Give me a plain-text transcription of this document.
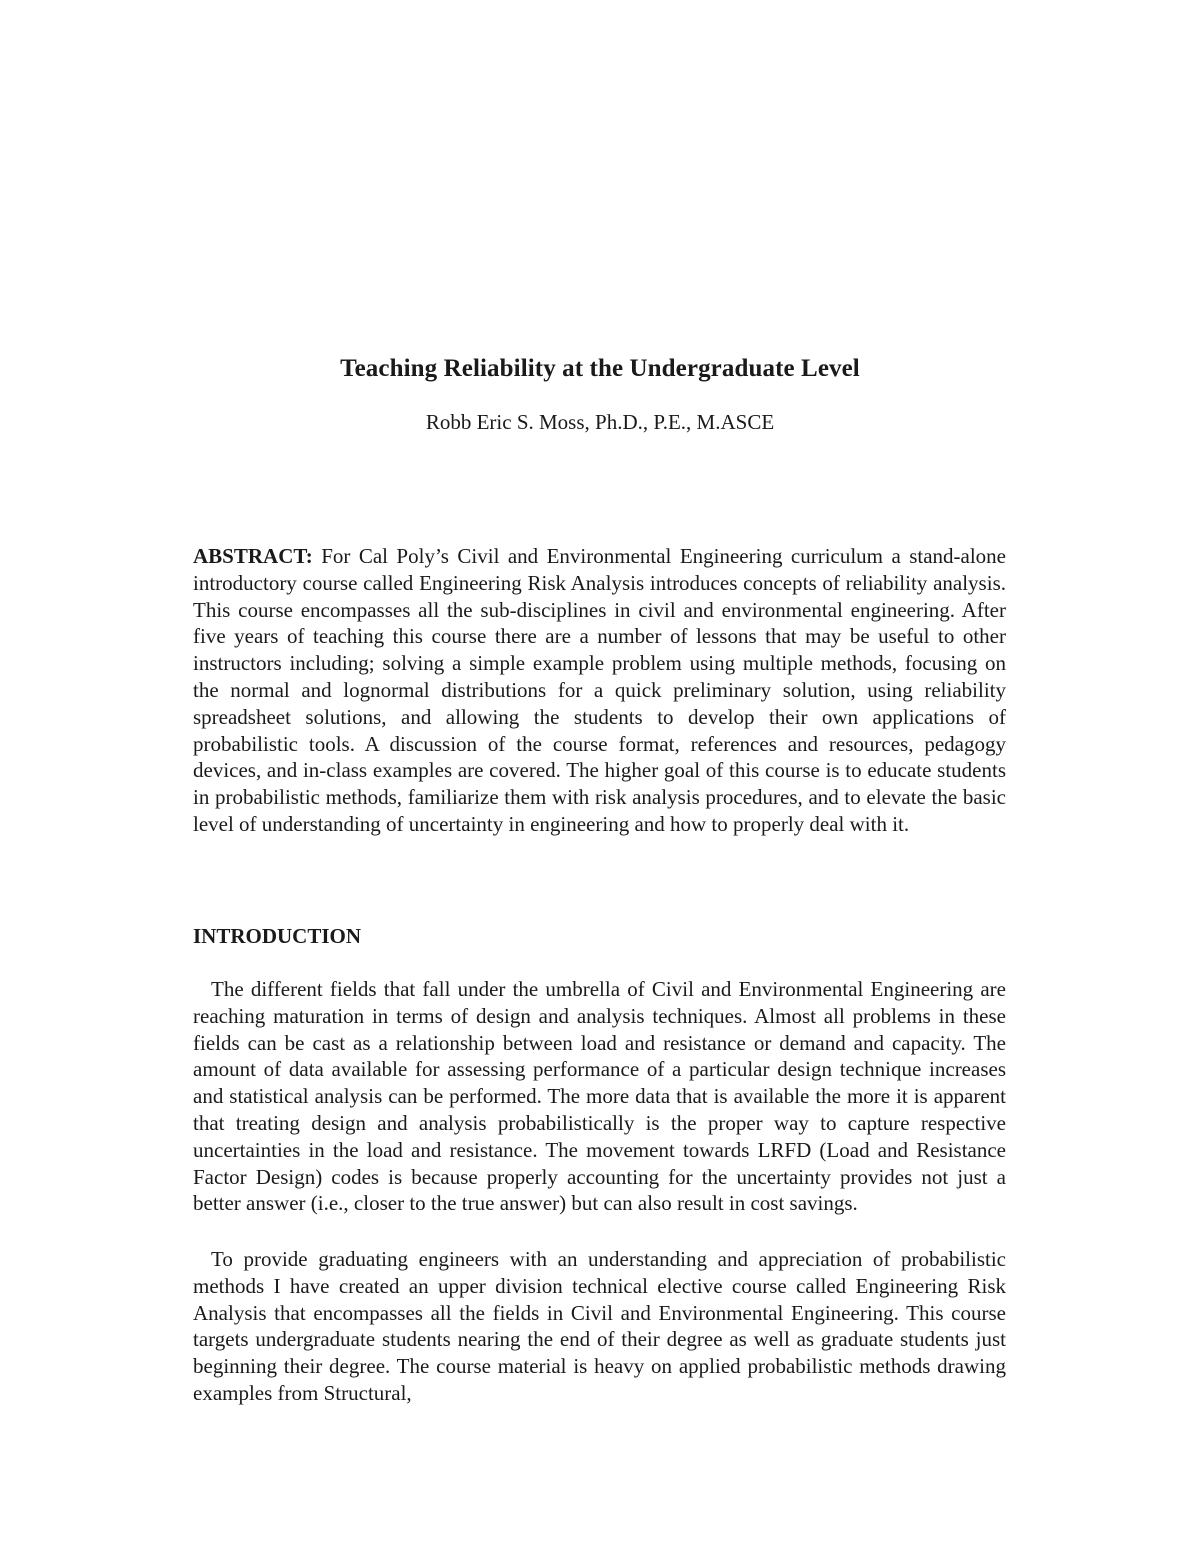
Teaching Reliability at the Undergraduate Level
Robb Eric S. Moss, Ph.D., P.E., M.ASCE

ABSTRACT: For Cal Poly’s Civil and Environmental Engineering curriculum a stand-alone introductory course called Engineering Risk Analysis introduces concepts of reliability analysis. This course encompasses all the sub-disciplines in civil and environmental engineering. After five years of teaching this course there are a number of lessons that may be useful to other instructors including; solving a simple example problem using multiple methods, focusing on the normal and lognormal distributions for a quick preliminary solution, using reliability spreadsheet solutions, and allowing the students to develop their own applications of probabilistic tools. A discussion of the course format, references and resources, pedagogy devices, and in-class examples are covered. The higher goal of this course is to educate students in probabilistic methods, familiarize them with risk analysis procedures, and to elevate the basic level of understanding of uncertainty in engineering and how to properly deal with it.

INTRODUCTION

The different fields that fall under the umbrella of Civil and Environmental Engineering are reaching maturation in terms of design and analysis techniques. Almost all problems in these fields can be cast as a relationship between load and resistance or demand and capacity. The amount of data available for assessing performance of a particular design technique increases and statistical analysis can be performed. The more data that is available the more it is apparent that treating design and analysis probabilistically is the proper way to capture respective uncertainties in the load and resistance. The movement towards LRFD (Load and Resistance Factor Design) codes is because properly accounting for the uncertainty provides not just a better answer (i.e., closer to the true answer) but can also result in cost savings.

To provide graduating engineers with an understanding and appreciation of probabilistic methods I have created an upper division technical elective course called Engineering Risk Analysis that encompasses all the fields in Civil and Environmental Engineering. This course targets undergraduate students nearing the end of their degree as well as graduate students just beginning their degree. The course material is heavy on applied probabilistic methods drawing examples from Structural,
